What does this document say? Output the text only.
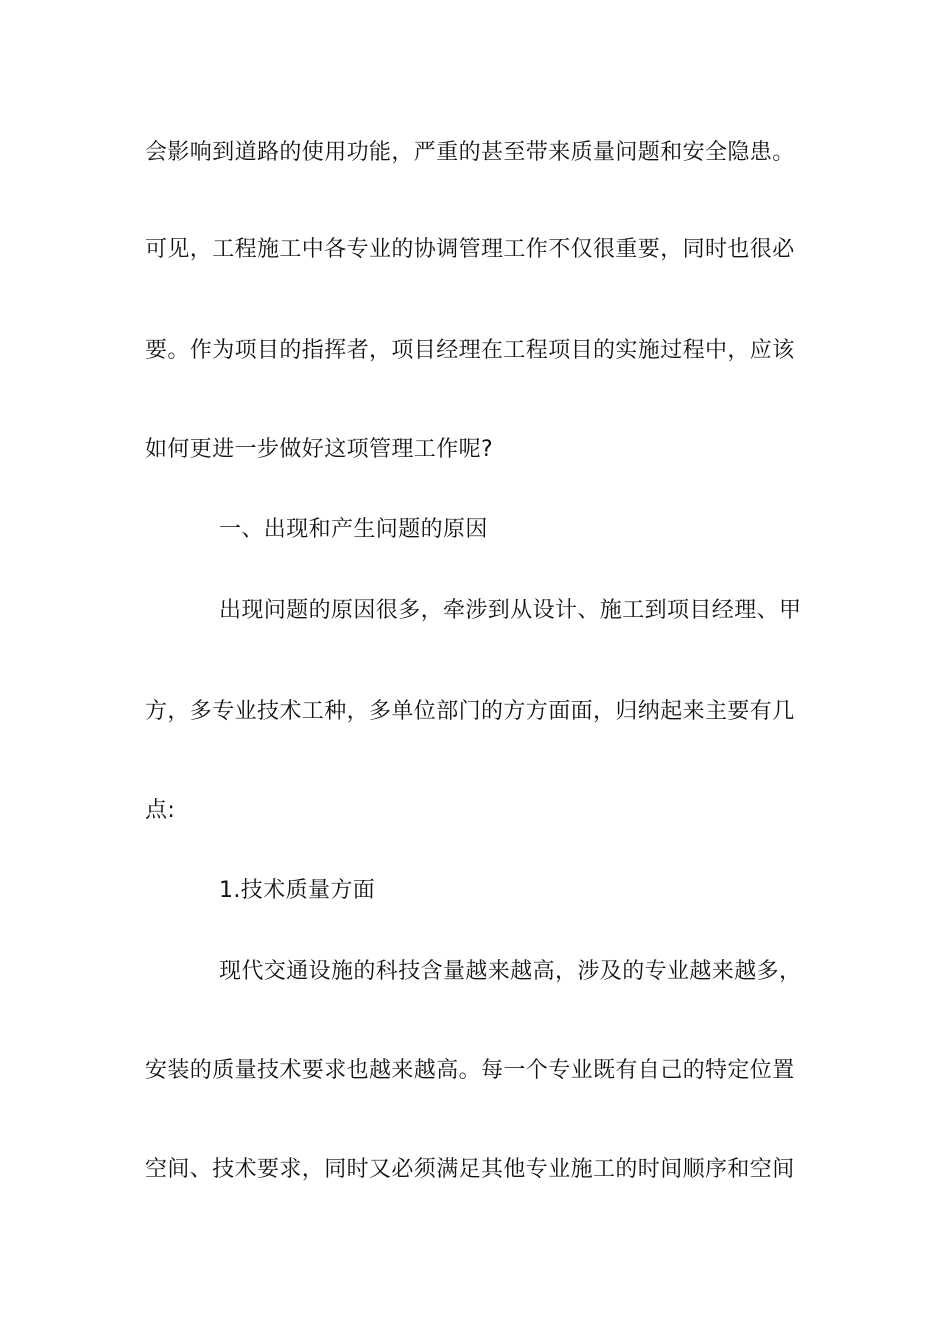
会影响到道路的使用功能，严重的甚至带来质量问题和安全隐患。
可见，工程施工中各专业的协调管理工作不仅很重要，同时也很必
要。作为项目的指挥者，项目经理在工程项目的实施过程中，应该
如何更进一步做好这项管理工作呢?
一、出现和产生问题的原因
出现问题的原因很多，牵涉到从设计、施工到项目经理、甲
方，多专业技术工种，多单位部门的方方面面，归纳起来主要有几
点:
1.技术质量方面
现代交通设施的科技含量越来越高，涉及的专业越来越多，
安装的质量技术要求也越来越高。每一个专业既有自己的特定位置
空间、技术要求，同时又必须满足其他专业施工的时间顺序和空间
